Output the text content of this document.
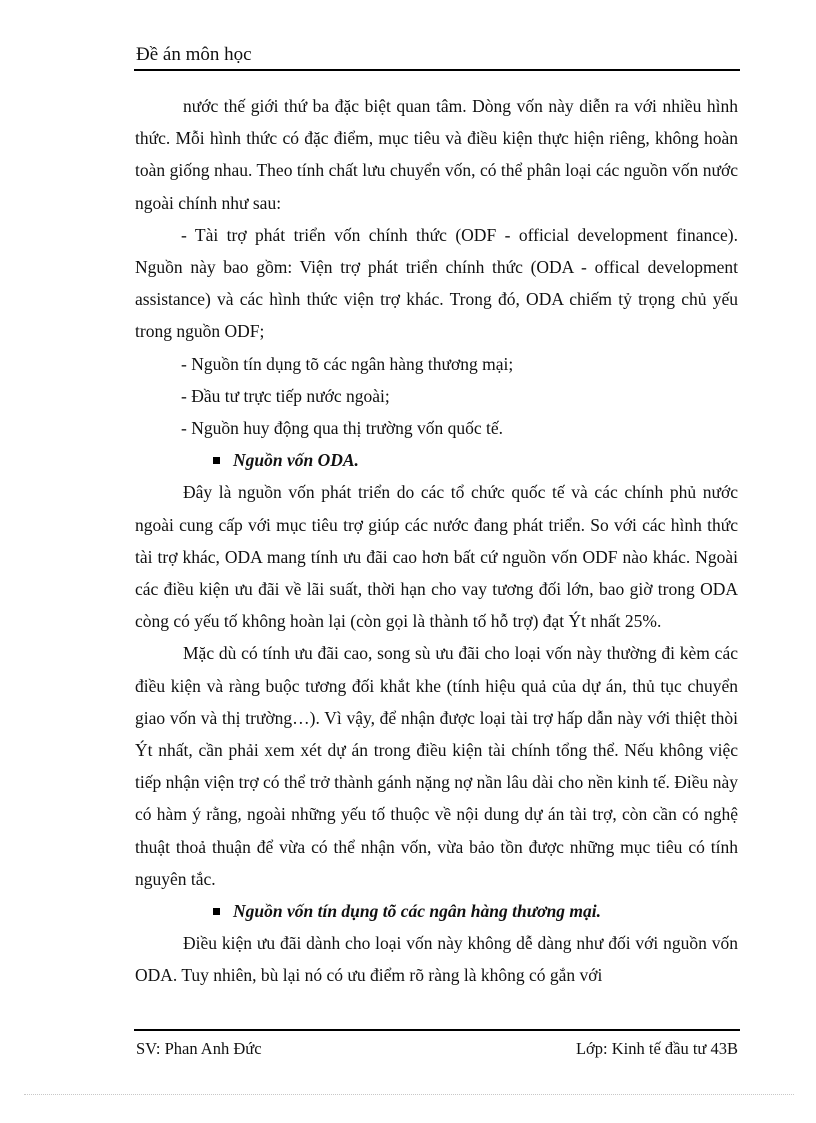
Đề án môn học

nước thế giới thứ ba đặc biệt quan tâm. Dòng vốn này diễn ra với nhiều hình thức. Mỗi hình thức có đặc điểm, mục tiêu và điều kiện thực hiện riêng, không hoàn toàn giống nhau. Theo tính chất lưu chuyển vốn, có thể phân loại các nguồn vốn nước ngoài chính như sau:

- Tài trợ phát triển vốn chính thức (ODF - official development finance). Nguồn này bao gồm: Viện trợ phát triển chính thức (ODA - offical development assistance) và các hình thức viện trợ khác. Trong đó, ODA chiếm tỷ trọng chủ yếu trong nguồn ODF;

- Nguồn tín dụng tõ các ngân hàng thương mại;

- Đầu tư trực tiếp nước ngoài;

- Nguồn huy động qua thị trường vốn quốc tế.

Nguồn vốn ODA.

Đây là nguồn vốn phát triển do các tổ chức quốc tế và các chính phủ nước ngoài cung cấp với mục tiêu trợ giúp các nước đang phát triển. So với các hình thức tài trợ khác, ODA mang tính ưu đãi cao hơn bất cứ nguồn vốn ODF nào khác. Ngoài các điều kiện ưu đãi về lãi suất, thời hạn cho vay tương đối lớn, bao giờ trong ODA còng có yếu tố không hoàn lại (còn gọi là thành tố hỗ trợ) đạt Ýt nhất 25%.

Mặc dù có tính ưu đãi cao, song sù ưu đãi cho loại vốn này thường đi kèm các điều kiện và ràng buộc tương đối khắt khe (tính hiệu quả của dự án, thủ tục chuyển giao vốn và thị trường…). Vì vậy, để nhận được loại tài trợ hấp dẫn này với thiệt thòi Ýt nhất, cần phải xem xét dự án trong điều kiện tài chính tổng thể. Nếu không việc tiếp nhận viện trợ có thể trở thành gánh nặng nợ nần lâu dài cho nền kinh tế. Điều này có hàm ý rằng, ngoài những yếu tố thuộc về nội dung dự án tài trợ, còn cần có nghệ thuật thoả thuận để vừa có thể nhận vốn, vừa bảo tồn được những mục tiêu có tính nguyên tắc.

Nguồn vốn tín dụng tõ các ngân hàng thương mại.

Điều kiện ưu đãi dành cho loại vốn này không dễ dàng như đối với nguồn vốn ODA. Tuy nhiên, bù lại nó có ưu điểm rõ ràng là không có gắn với

SV: Phan Anh Đức	Lớp: Kinh tế đầu tư 43B
